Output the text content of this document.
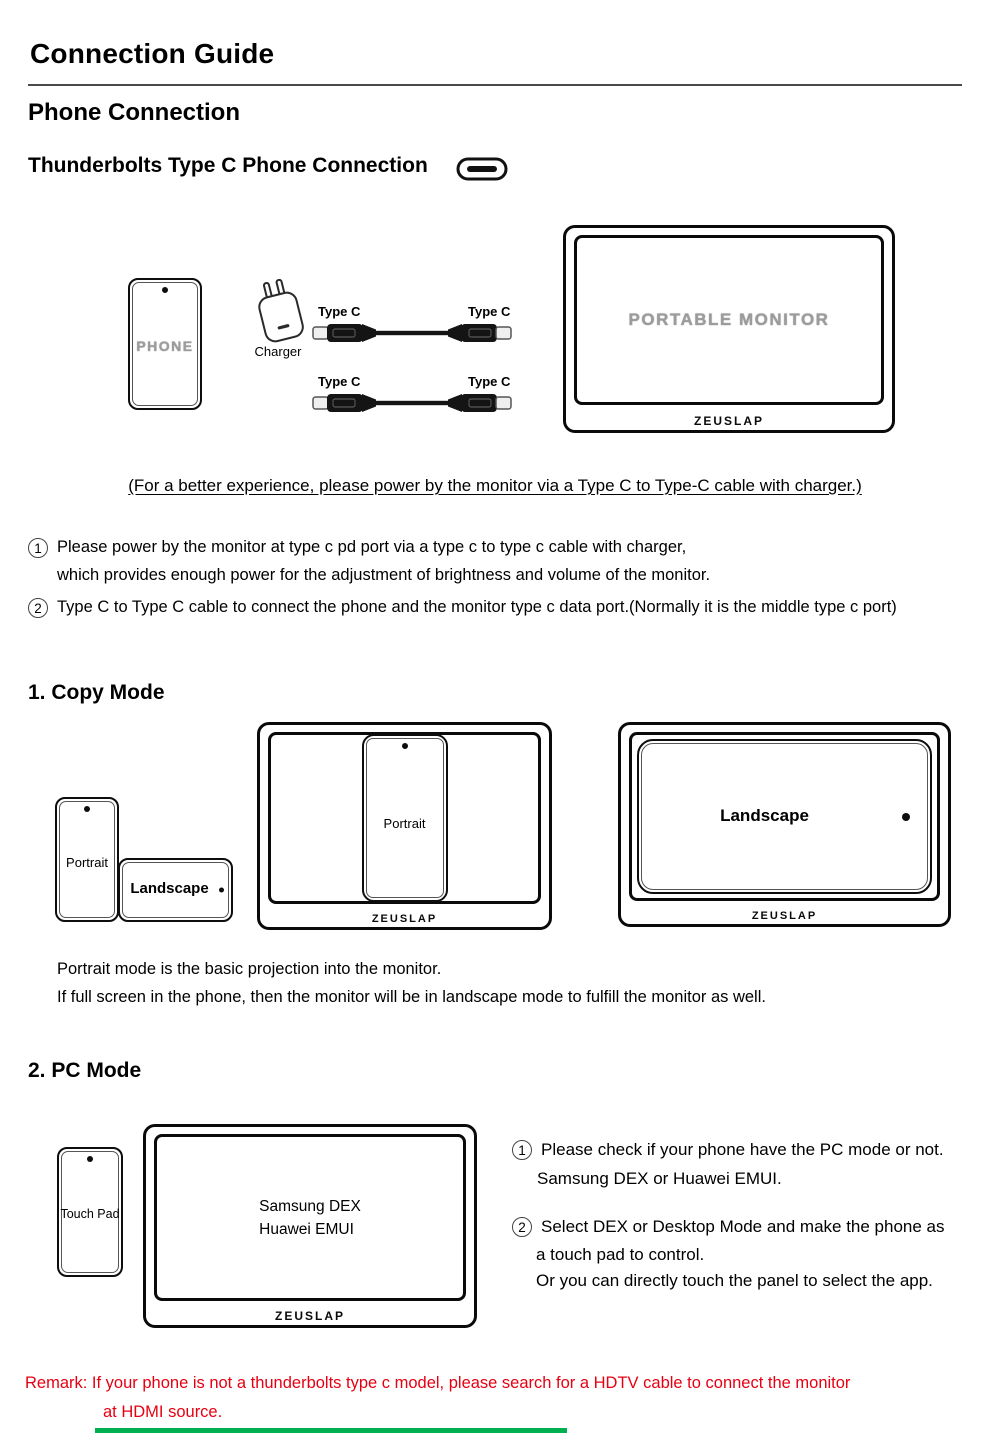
Connection Guide
Phone Connection
Thunderbolts Type C Phone Connection
PHONE	Charger
Type C	Type C
Type C	Type C
PORTABLE MONITOR
ZEUSLAP
(For a better experience, please power by the monitor via a Type C to Type-C cable with charger.)
1 Please power by the monitor at type c pd port via a type c to type c cable with charger,
which provides enough power for the adjustment of brightness and volume of the monitor.
2 Type C to Type C cable to connect the phone and the monitor type c data port.(Normally it is the middle type c port)
1. Copy Mode
Portrait
Landscape
Portrait
ZEUSLAP
Landscape
ZEUSLAP
Portrait mode is the basic projection into the monitor.
If full screen in the phone, then the monitor will be in landscape mode to fulfill the monitor as well.
2. PC Mode
Touch Pad	Samsung DEX
Huawei EMUI
ZEUSLAP
1 Please check if your phone have the PC mode or not.
Samsung DEX or Huawei EMUI.
2 Select DEX or Desktop Mode and make the phone as
a touch pad to control.
Or you can directly touch the panel to select the app.
Remark: If your phone is not a thunderbolts type c model, please search for a HDTV cable to connect the monitor
at HDMI source.
